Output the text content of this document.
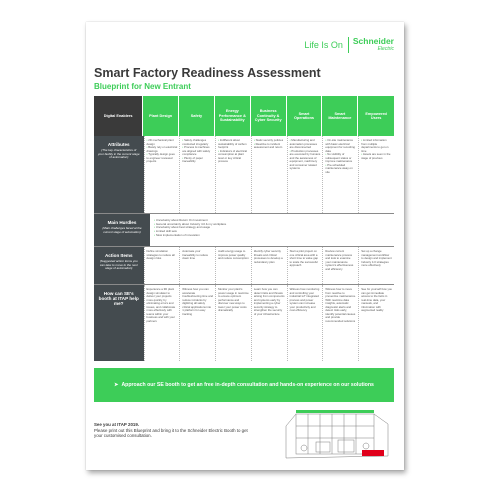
Life Is On Schneider
Electric
Smart Factory Readiness Assessment
Blueprint for New Entrant
Digital Enablers	Plant Design	Safety
Energy Performance & Sustainability
Business Continuity & Cyber Security
Smart Operations
Smart Maintenance
Empowered Users
Attributes
(The key characteristics of your facility in the current stage of automation)
• 2D mechanical plant design
• Barely rely on electrical drawings
• Typically design goes to engineer reviewed projects
• Safety challenges conducted irregularly
• Process & machines are aligned with safety compliance
• Plenty of paper traceability
• Indifferent about sustainability of carbon footprint
• Indicators of electrical consumption at plant level or key critical process
• Static security policies
• Reactive to incident assessment and return
• Manufacturing and automation processes are disconnected
• Production processes are executed by humans and the awareness of equipment, machinery and consumer related systems
• On-site maintenance with basic electrical equipment for recording data
• No visibility of subsequent status or improve maintenance
• Pre-scheduled maintenance away on site
• Limited information from multiple departments to get on time
• Assets are seen in the stage of previous
Main Hurdles
(Main challenges faced at the current stage of automation)
• Uncertainty about Return On Investment
• General uncertainty about Industry 4.0 & my workplace
• Uncertainty about best strategy and usage
• Limited skill sets
• Slow implementation of innovation
Action Items
(Suggested action items you can take to move to the next stage of automation)
Define simulation strategies to reduce all design risks
Automate your traceability to reduce down time
Audit energy usage to improve power quality and reduce consumption
Identify cyber security threats and critical processes to develop a redundancy plan
Start a pilot project on one critical area with a short time to value gap to scale the successful approach
Review current maintenance process and look to examine your maintenance system's effectiveness and efficiency
Set up a change management workflow to design and implement Industry 4.0 strategies more effectively
How can SE's booth at ITAP help me?
Experience a 3D plant design simulator to deliver your projects more quickly, by eliminating errors and issues, and collaborate more effectively with teams within your business and with your partners
Witness how you can accelerate troubleshooting time and reduce incidents by digitizing all safety critical applications into 1 platform for easy tracking
Monitor your plant's power usage in real-time to ensure optimum performance and discover new ways to lower your power costs dramatically
Learn how you can detect risks and threats arising from components and systems early by implementing a cyber security strategy to strengthen the security of your infrastructure
Witness how monitoring and controlling your industrial IoT integrated process and power system can increase your productivity and cost efficiency
Witness how to move from reactive to preventive maintenance. With real-time data insights, automatic diagnostic alerts and detect risks early, identify potential causes and provide recommended solutions
See for yourself how you can get immediate access to the facts in real-time data, your manuals, and information with augmented reality
➤ Approach our SE booth to get an free in-depth consultation and hands-on experience on our solutions
See you at ITAP 2019.
Please print out this Blueprint and bring it to the Schneider Electric Booth to get your customised consultation.
